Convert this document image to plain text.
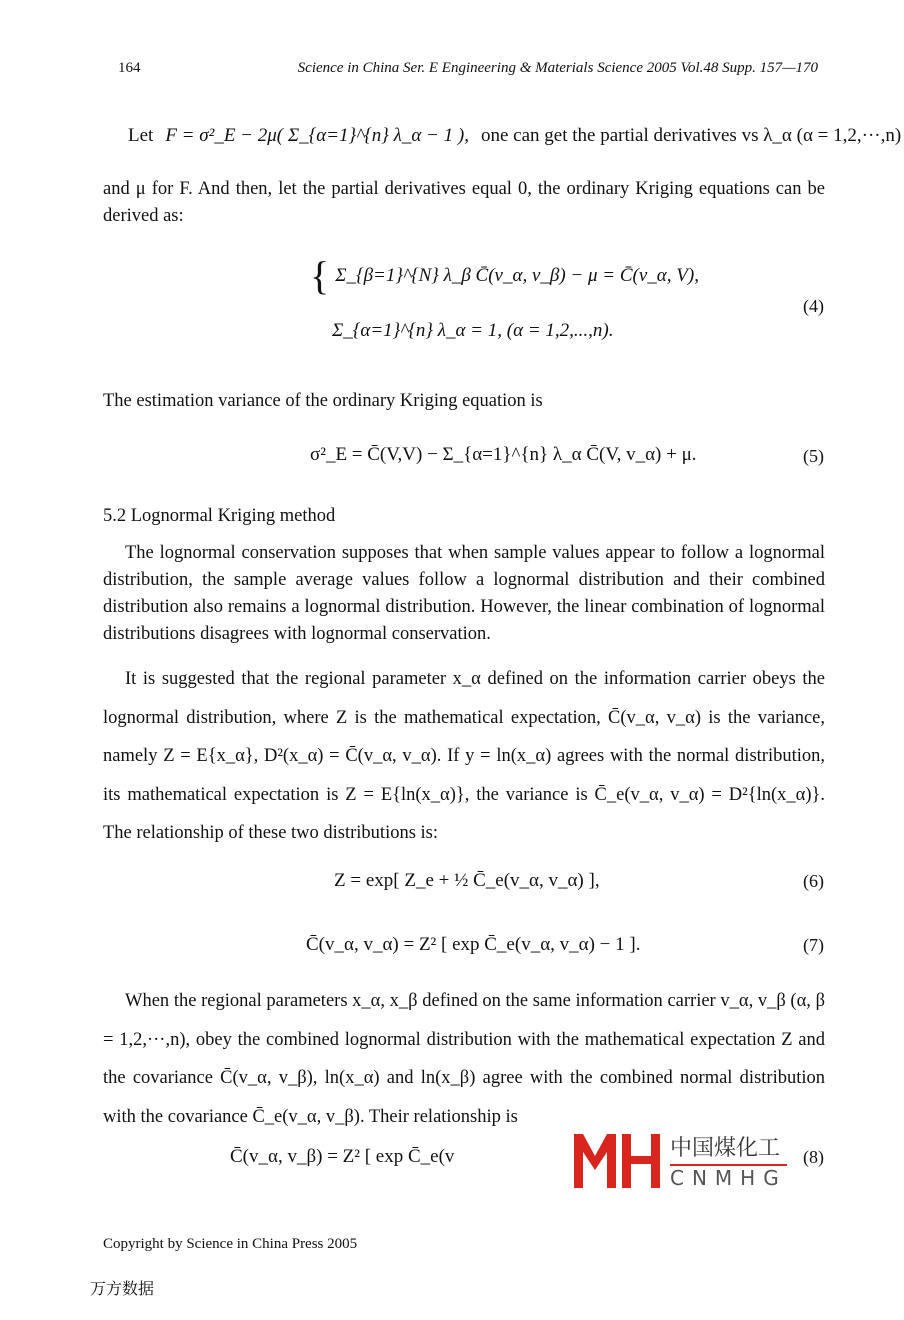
164	Science in China Ser. E Engineering & Materials Science 2005 Vol.48 Supp. 157—170
Let F = σ²_E − 2μ( Σ_{α=1}^{n} λ_α − 1 ), one can get the partial derivatives vs λ_α (α = 1,2,···,n)

and μ for F. And then, let the partial derivatives equal 0, the ordinary Kriging equations can be derived as:

{ Σ_{β=1}^{N} λ_β C̄(v_α, v_β) − μ = C̄(v_α, V),
Σ_{α=1}^{n} λ_α = 1, (α = 1,2,...,n).
(4)

The estimation variance of the ordinary Kriging equation is

σ²_E = C̄(V,V) − Σ_{α=1}^{n} λ_α C̄(V, v_α) + μ.	(5)

5.2 Lognormal Kriging method

The lognormal conservation supposes that when sample values appear to follow a lognormal distribution, the sample average values follow a lognormal distribution and their combined distribution also remains a lognormal distribution. However, the linear combination of lognormal distributions disagrees with lognormal conservation.

It is suggested that the regional parameter x_α defined on the information carrier obeys the lognormal distribution, where Z is the mathematical expectation, C̄(v_α, v_α) is the variance, namely Z = E{x_α}, D²(x_α) = C̄(v_α, v_α). If y = ln(x_α) agrees with the normal distribution, its mathematical expectation is Z = E{ln(x_α)}, the variance is C̄_e(v_α, v_α) = D²{ln(x_α)}. The relationship of these two distributions is:

Z = exp[ Z_e + ½ C̄_e(v_α, v_α) ],	(6)
C̄(v_α, v_α) = Z² [ exp C̄_e(v_α, v_α) − 1 ].	(7)

When the regional parameters x_α, x_β defined on the same information carrier v_α, v_β (α, β = 1,2,···,n), obey the combined lognormal distribution with the mathematical expectation Z and the covariance C̄(v_α, v_β), ln(x_α) and ln(x_β) agree with the combined normal distribution with the covariance C̄_e(v_α, v_β). Their relationship is

C̄(v_α, v_β) = Z² [ exp C̄_e(v	(8)
中国煤化工
CNMHG

Copyright by Science in China Press 2005

万方数据
